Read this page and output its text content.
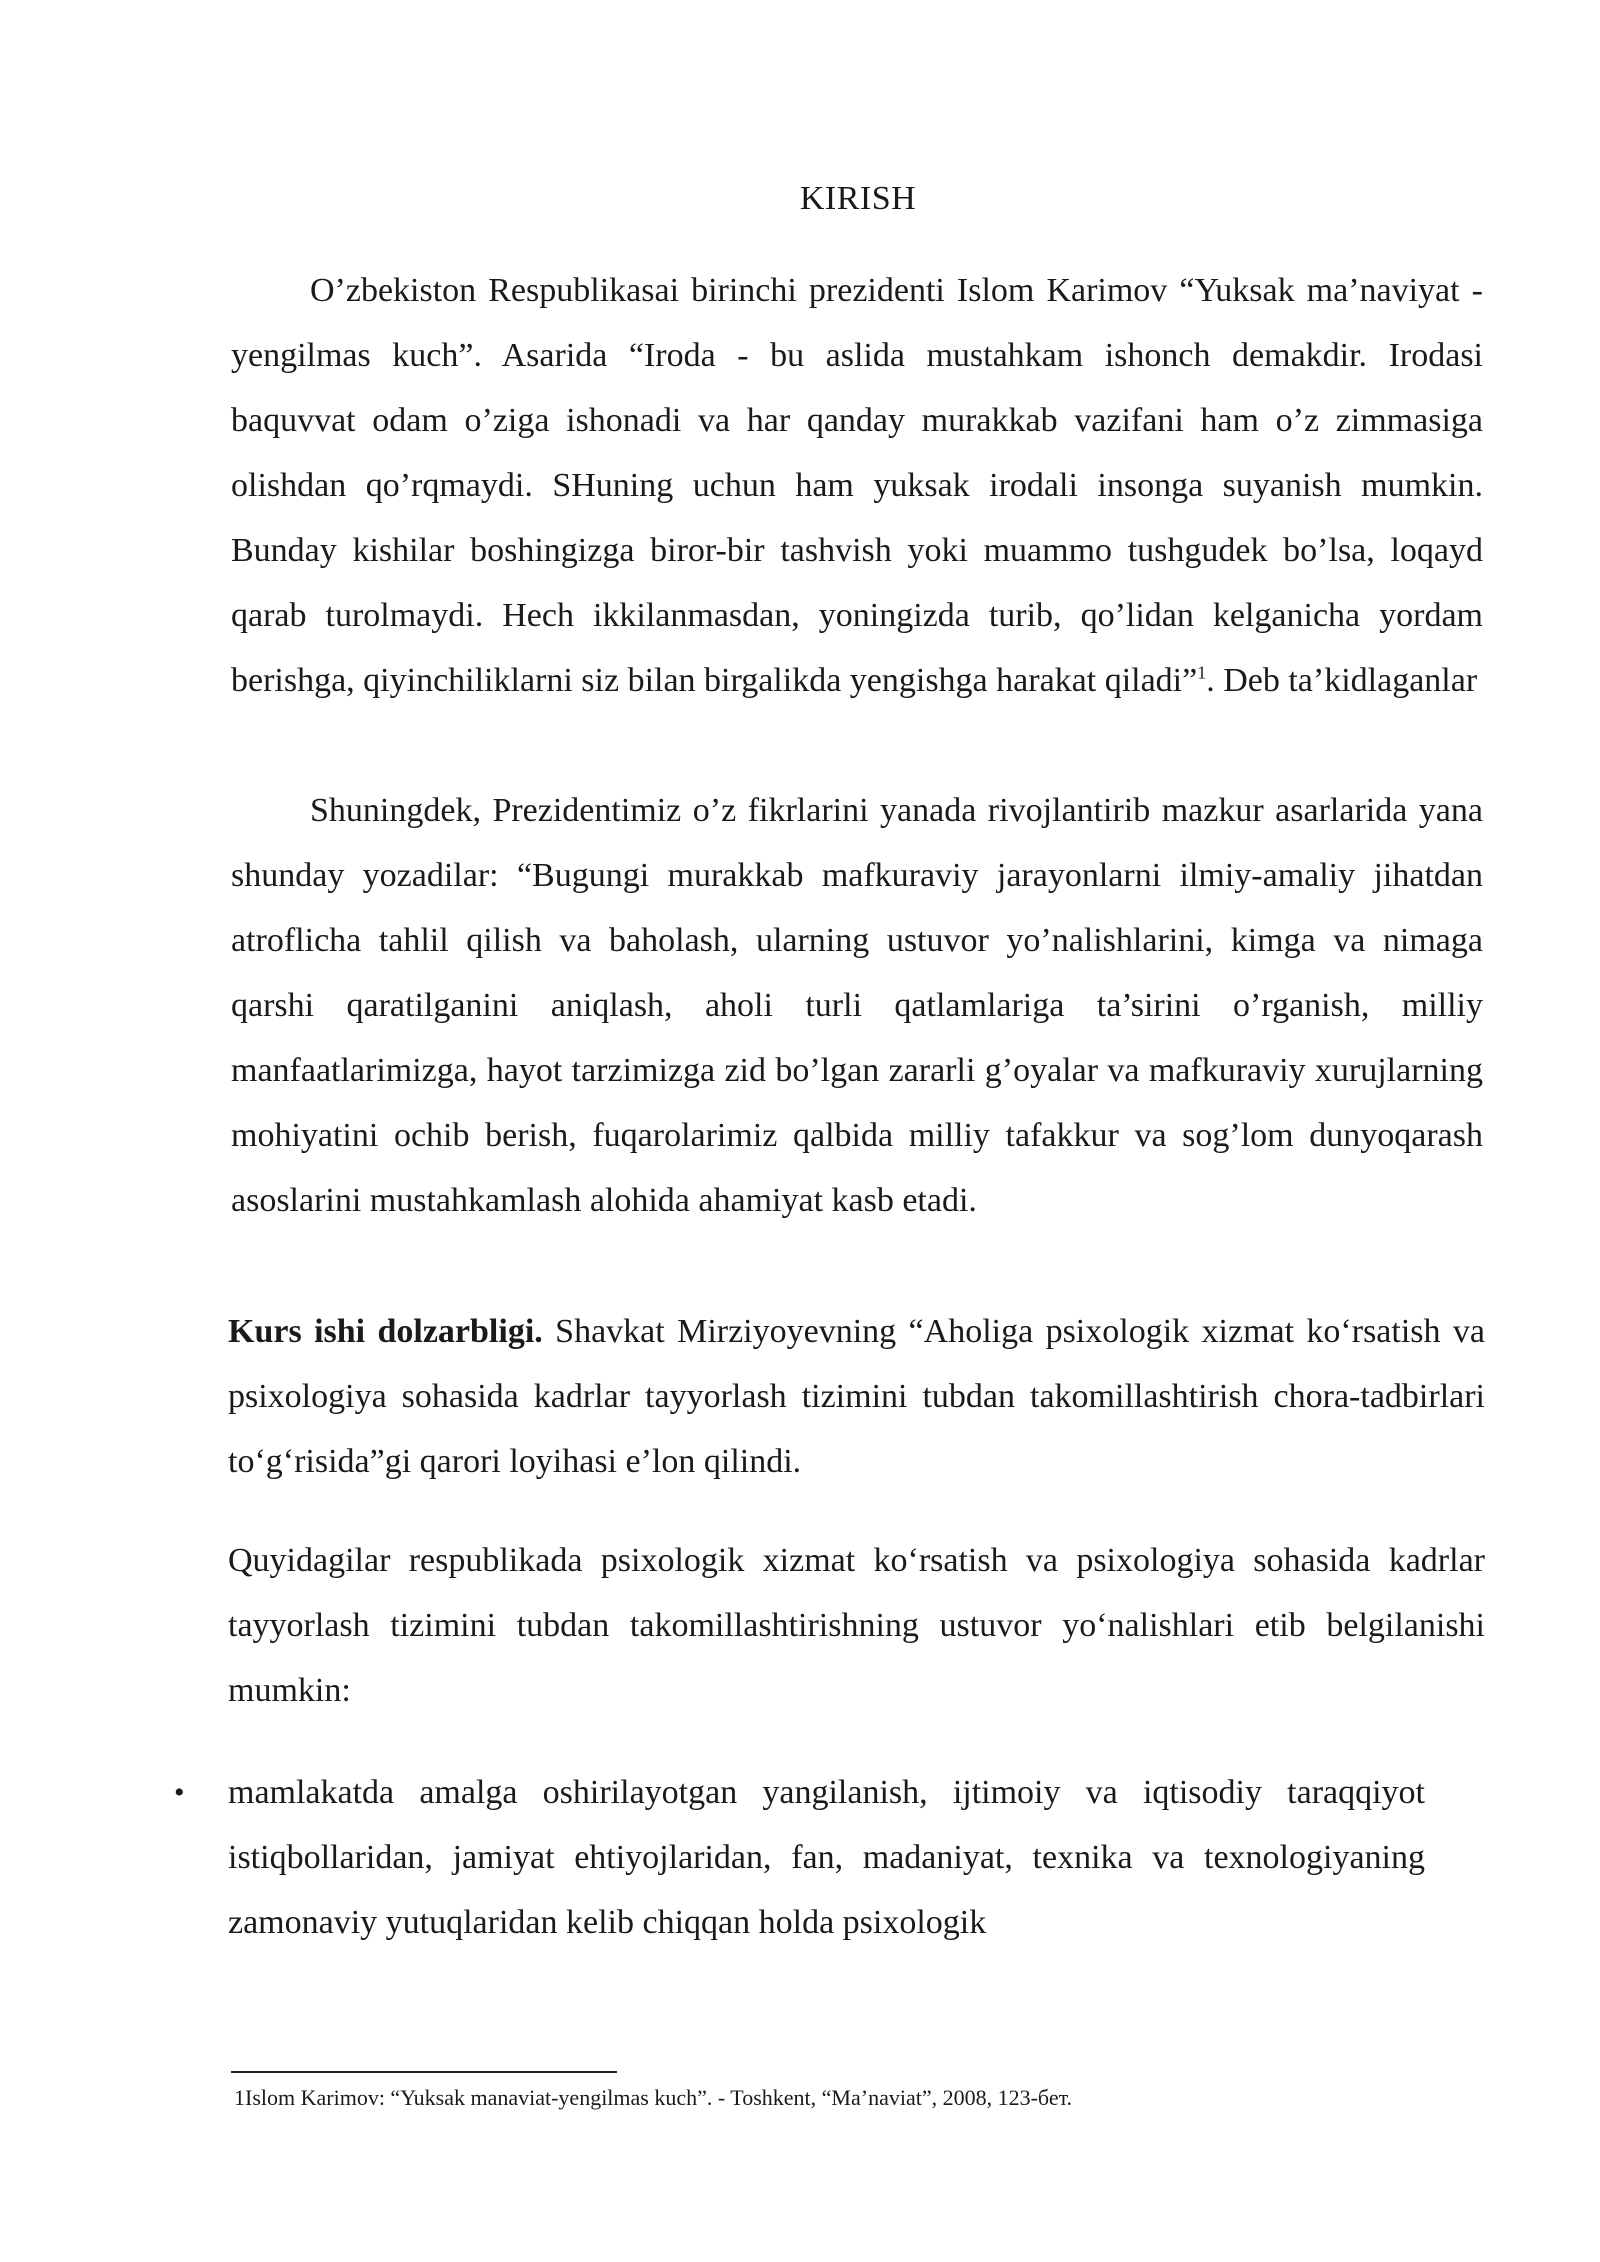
KIRISH
O’zbekiston Respublikasai birinchi prezidenti Islom Karimov “Yuksak ma’naviyat - yengilmas kuch”. Asarida “Iroda - bu aslida mustahkam ishonch demakdir. Irodasi baquvvat odam o’ziga ishonadi va har qanday murakkab vazifani ham o’z zimmasiga olishdan qo’rqmaydi. SHuning uchun ham yuksak irodali insonga suyanish mumkin. Bunday kishilar boshingizga biror-bir tashvish yoki muammo tushgudek bo’lsa, loqayd qarab turolmaydi. Hech ikkilanmasdan, yoningizda turib, qo’lidan kelganicha yordam berishga, qiyinchiliklarni siz bilan birgalikda yengishga harakat qiladi”$^1$. Deb ta’kidlaganlar
Shuningdek, Prezidentimiz o’z fikrlarini yanada rivojlantirib mazkur asarlarida yana shunday yozadilar: “Bugungi murakkab mafkuraviy jarayonlarni ilmiy-amaliy jihatdan atroflicha tahlil qilish va baholash, ularning ustuvor yo’nalishlarini, kimga va nimaga qarshi qaratilganini aniqlash, aholi turli qatlamlariga ta’sirini o’rganish, milliy manfaatlarimizga, hayot tarzimizga zid bo’lgan zararli g’oyalar va mafkuraviy xurujlarning mohiyatini ochib berish, fuqarolarimiz qalbida milliy tafakkur va sog’lom dunyoqarash asoslarini mustahkamlash alohida ahamiyat kasb etadi.
Kurs ishi dolzarbligi. Shavkat Mirziyoyevning “Aholiga psixologik xizmat ko‘rsatish va psixologiya sohasida kadrlar tayyorlash tizimini tubdan takomillashtirish chora-tadbirlari to‘g‘risida”gi qarori loyihasi e’lon qilindi.
Quyidagilar respublikada psixologik xizmat ko‘rsatish va psixologiya sohasida kadrlar tayyorlash tizimini tubdan takomillashtirishning ustuvor yo‘nalishlari etib belgilanishi mumkin:
• mamlakatda amalga oshirilayotgan yangilanish, ijtimoiy va iqtisodiy taraqqiyot istiqbollaridan, jamiyat ehtiyojlaridan, fan, madaniyat, texnika va texnologiyaning zamonaviy yutuqlaridan kelib chiqqan holda psixologik
1Islom Karimov: “Yuksak manaviat-yengilmas kuch”. - Toshkent, “Ma’naviat”, 2008, 123-бет.
